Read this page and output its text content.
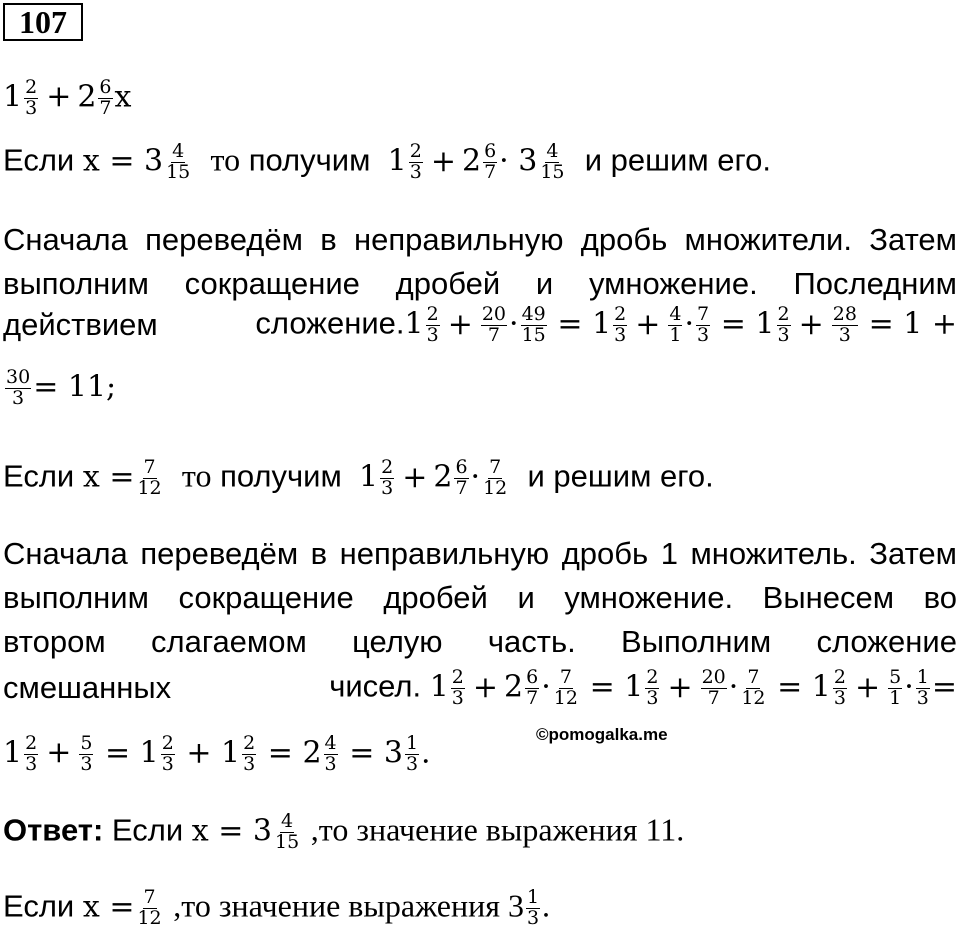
107
$1 \frac{2}{3} + 2 \frac{6}{7}$ x
Если $x = 3 \frac{4}{15}$ то получим $1 \frac{2}{3} + 2 \frac{6}{7} \cdot 3 \frac{4}{15}$ и решим его.
Сначала переведём в неправильную дробь множители. Затем
выполним сокращение дробей и умножение. Последним
действием	сложение.1 $\frac{2}{3} + \frac{20}{7} \cdot \frac{49}{15} = 1 \frac{2}{3} + \frac{4}{1} \cdot \frac{7}{3} = 1 \frac{2}{3} + \frac{28}{3} = 1$ +
$\frac{30}{3} = 11$;
Если $x = \frac{7}{12}$ то получим $1 \frac{2}{3} + 2 \frac{6}{7} \cdot \frac{7}{12}$ и решим его.
Сначала переведём в неправильную дробь 1 множитель. Затем
выполним сокращение дробей и умножение. Вынесем во
втором слагаемом целую часть. Выполним сложение
смешанных	чисел. $1 \frac{2}{3} + 2 \frac{6}{7} \cdot \frac{7}{12} = 1 \frac{2}{3} + \frac{20}{7} \cdot \frac{7}{12} = 1 \frac{2}{3} + \frac{5}{1} \cdot \frac{1}{3}$ =
$1 \frac{2}{3} + \frac{5}{3} = 1 \frac{2}{3} + 1 \frac{2}{3} = 2 \frac{4}{3} = 3 \frac{1}{3}$ .
©pomogalka.me
Ответ: Если $x = 3 \frac{4}{15} ,то$ значение выражения 11.
Если $x = \frac{7}{12} ,то$ значение выражения $3 \frac{1}{3}$ .
